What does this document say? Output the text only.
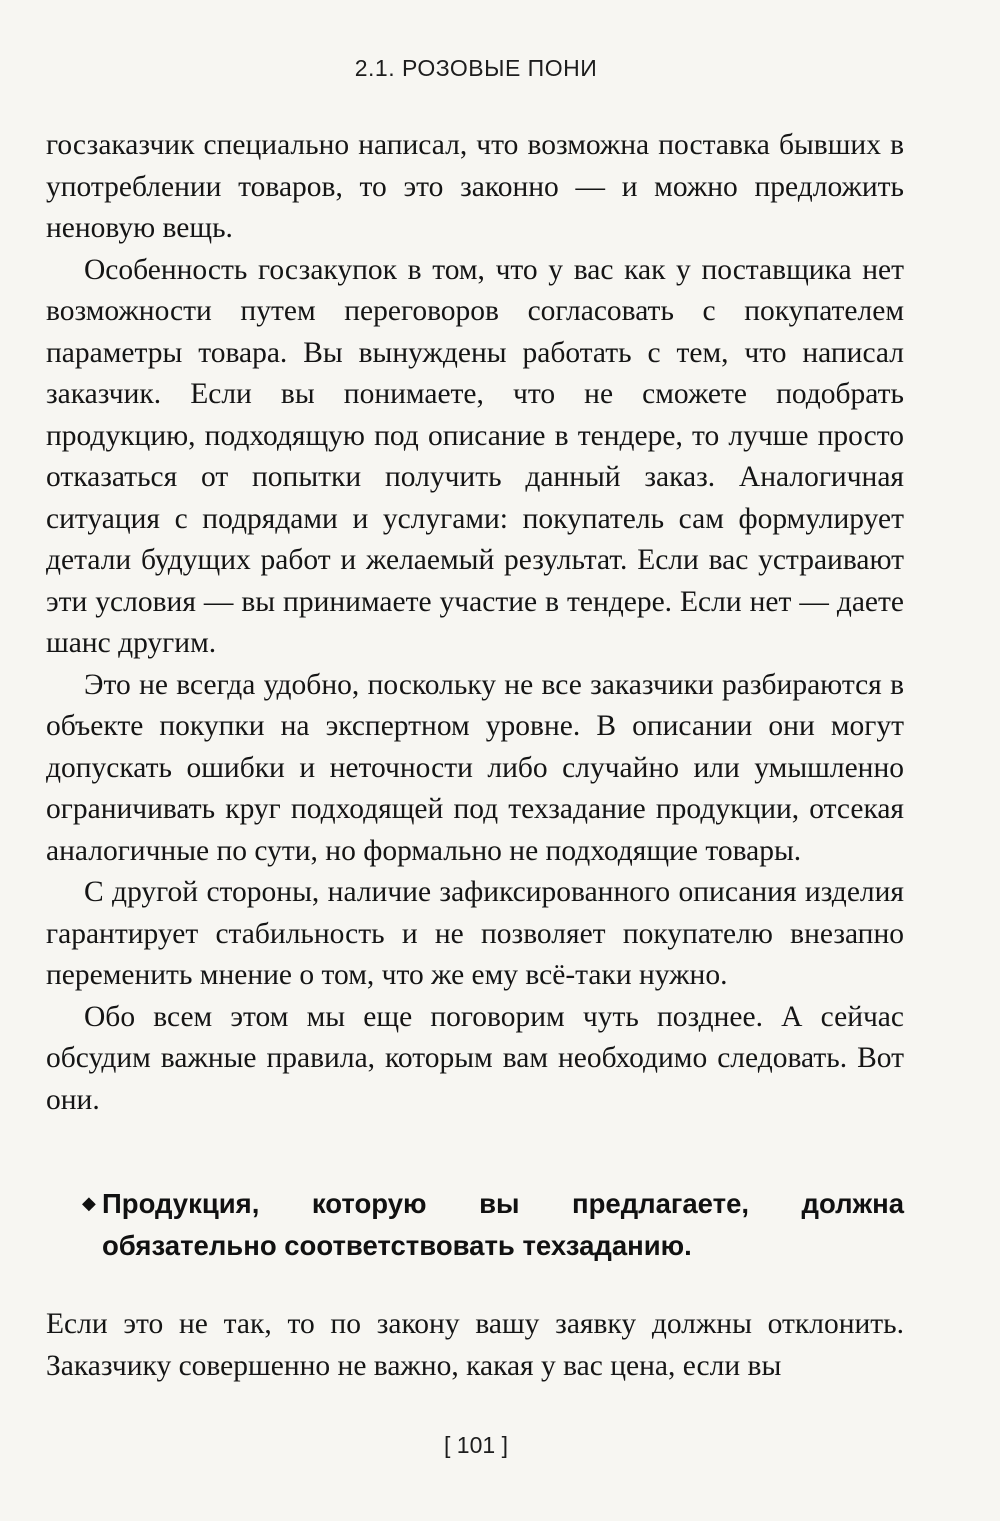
2.1. РОЗОВЫЕ ПОНИ

госзаказчик специально написал, что возможна поставка бывших в употреблении товаров, то это законно — и можно предложить неновую вещь.

Особенность госзакупок в том, что у вас как у поставщика нет возможности путем переговоров согласовать с покупателем параметры товара. Вы вынуждены работать с тем, что написал заказчик. Если вы понимаете, что не сможете подобрать продукцию, подходящую под описание в тендере, то лучше просто отказаться от попытки получить данный заказ. Аналогичная ситуация с подрядами и услугами: покупатель сам формулирует детали будущих работ и желаемый результат. Если вас устраивают эти условия — вы принимаете участие в тендере. Если нет — даете шанс другим.

Это не всегда удобно, поскольку не все заказчики разбираются в объекте покупки на экспертном уровне. В описании они могут допускать ошибки и неточности либо случайно или умышленно ограничивать круг подходящей под техзадание продукции, отсекая аналогичные по сути, но формально не подходящие товары.

С другой стороны, наличие зафиксированного описания изделия гарантирует стабильность и не позволяет покупателю внезапно переменить мнение о том, что же ему всё-таки нужно.

Обо всем этом мы еще поговорим чуть позднее. А сейчас обсудим важные правила, которым вам необходимо следовать. Вот они.

◆ Продукция, которую вы предлагаете, должна обязательно соответствовать техзаданию.

Если это не так, то по закону вашу заявку должны отклонить. Заказчику совершенно не важно, какая у вас цена, если вы

[ 101 ]
